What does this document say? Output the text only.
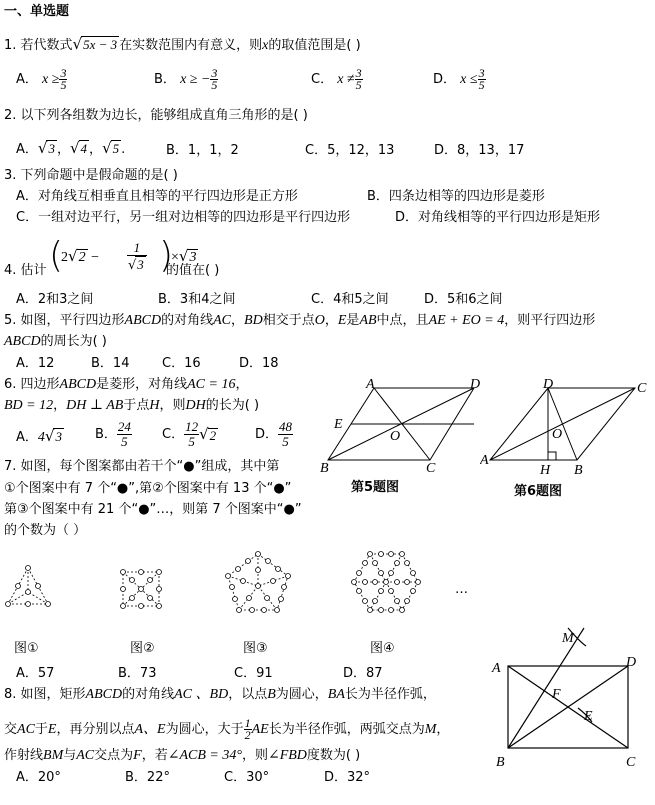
一、单选题
1. 若代数式√5x − 3 在实数范围内有意义，则x的取值范围是( )
A． $x \ge \frac{3}{5}$	B． x ≥ − $\frac{3}{5}$	C． $x \ne \frac{3}{5}$	D． $x \le \frac{3}{5}$
2. 以下列各组数为边长，能够组成直角三角形的是( )
A．√3 ，√4 ，√5 .	B．1，1，2	C．5，12，13	D．8，13，17
3. 下列命题中是假命题的是( )
A．对角线互相垂直且相等的平行四边形是正方形	B．四条边相等的四边形是菱形
C．一组对边平行，另一组对边相等的四边形是平行四边形	D．对角线相等的平行四边形是矩形
4. 估计 (
2√2 −
1
√3 )
×√3
的值在( )
A．2和3之间	B．3和4之间	C．4和5之间	D．5和6之间
5. 如图，平行四边形ABCD的对角线AC，BD相交于点O，E是AB中点，且AE + EO = 4，则平行四边形
ABCD的周长为( )
A．12	B．14	C．16	D．18
6. 四边形ABCD是菱形，对角线AC = 16，
BD = 12，DH ⊥ AB于点H，则DH的长为( )
A．4√3	B． $\frac{24}{5}$ C． $\frac{12}{5} √2$	D． $\frac{48}{5}$
A	D
B	C
E
O
第5题图
D	C
A
H B
O
第6题图
7. 如图，每个图案都由若干个“●”组成，其中第
①个图案中有 7 个“●”,第②个图案中有 13 个“●”
第③个图案中有 21 个“●”…，则第 7 个图案中“●”
的个数为（ ）
…
图①	图②	图③	图④
A．57	B．73	C．91	D．87
8. 如图，矩形ABCD的对角线AC 、BD，以点B为圆心，BA长为半径作弧，
交AC于E，再分别以点A、E为圆心，大于 $\frac{1}{2}$ AE长为半径作弧，两弧交点为M，
作射线BM与AC交点为F，若∠ACB = 34°，则∠FBD度数为( )
A．20°	B．22°	C．30°	D．32°
M
A	D
F
E
B	C
